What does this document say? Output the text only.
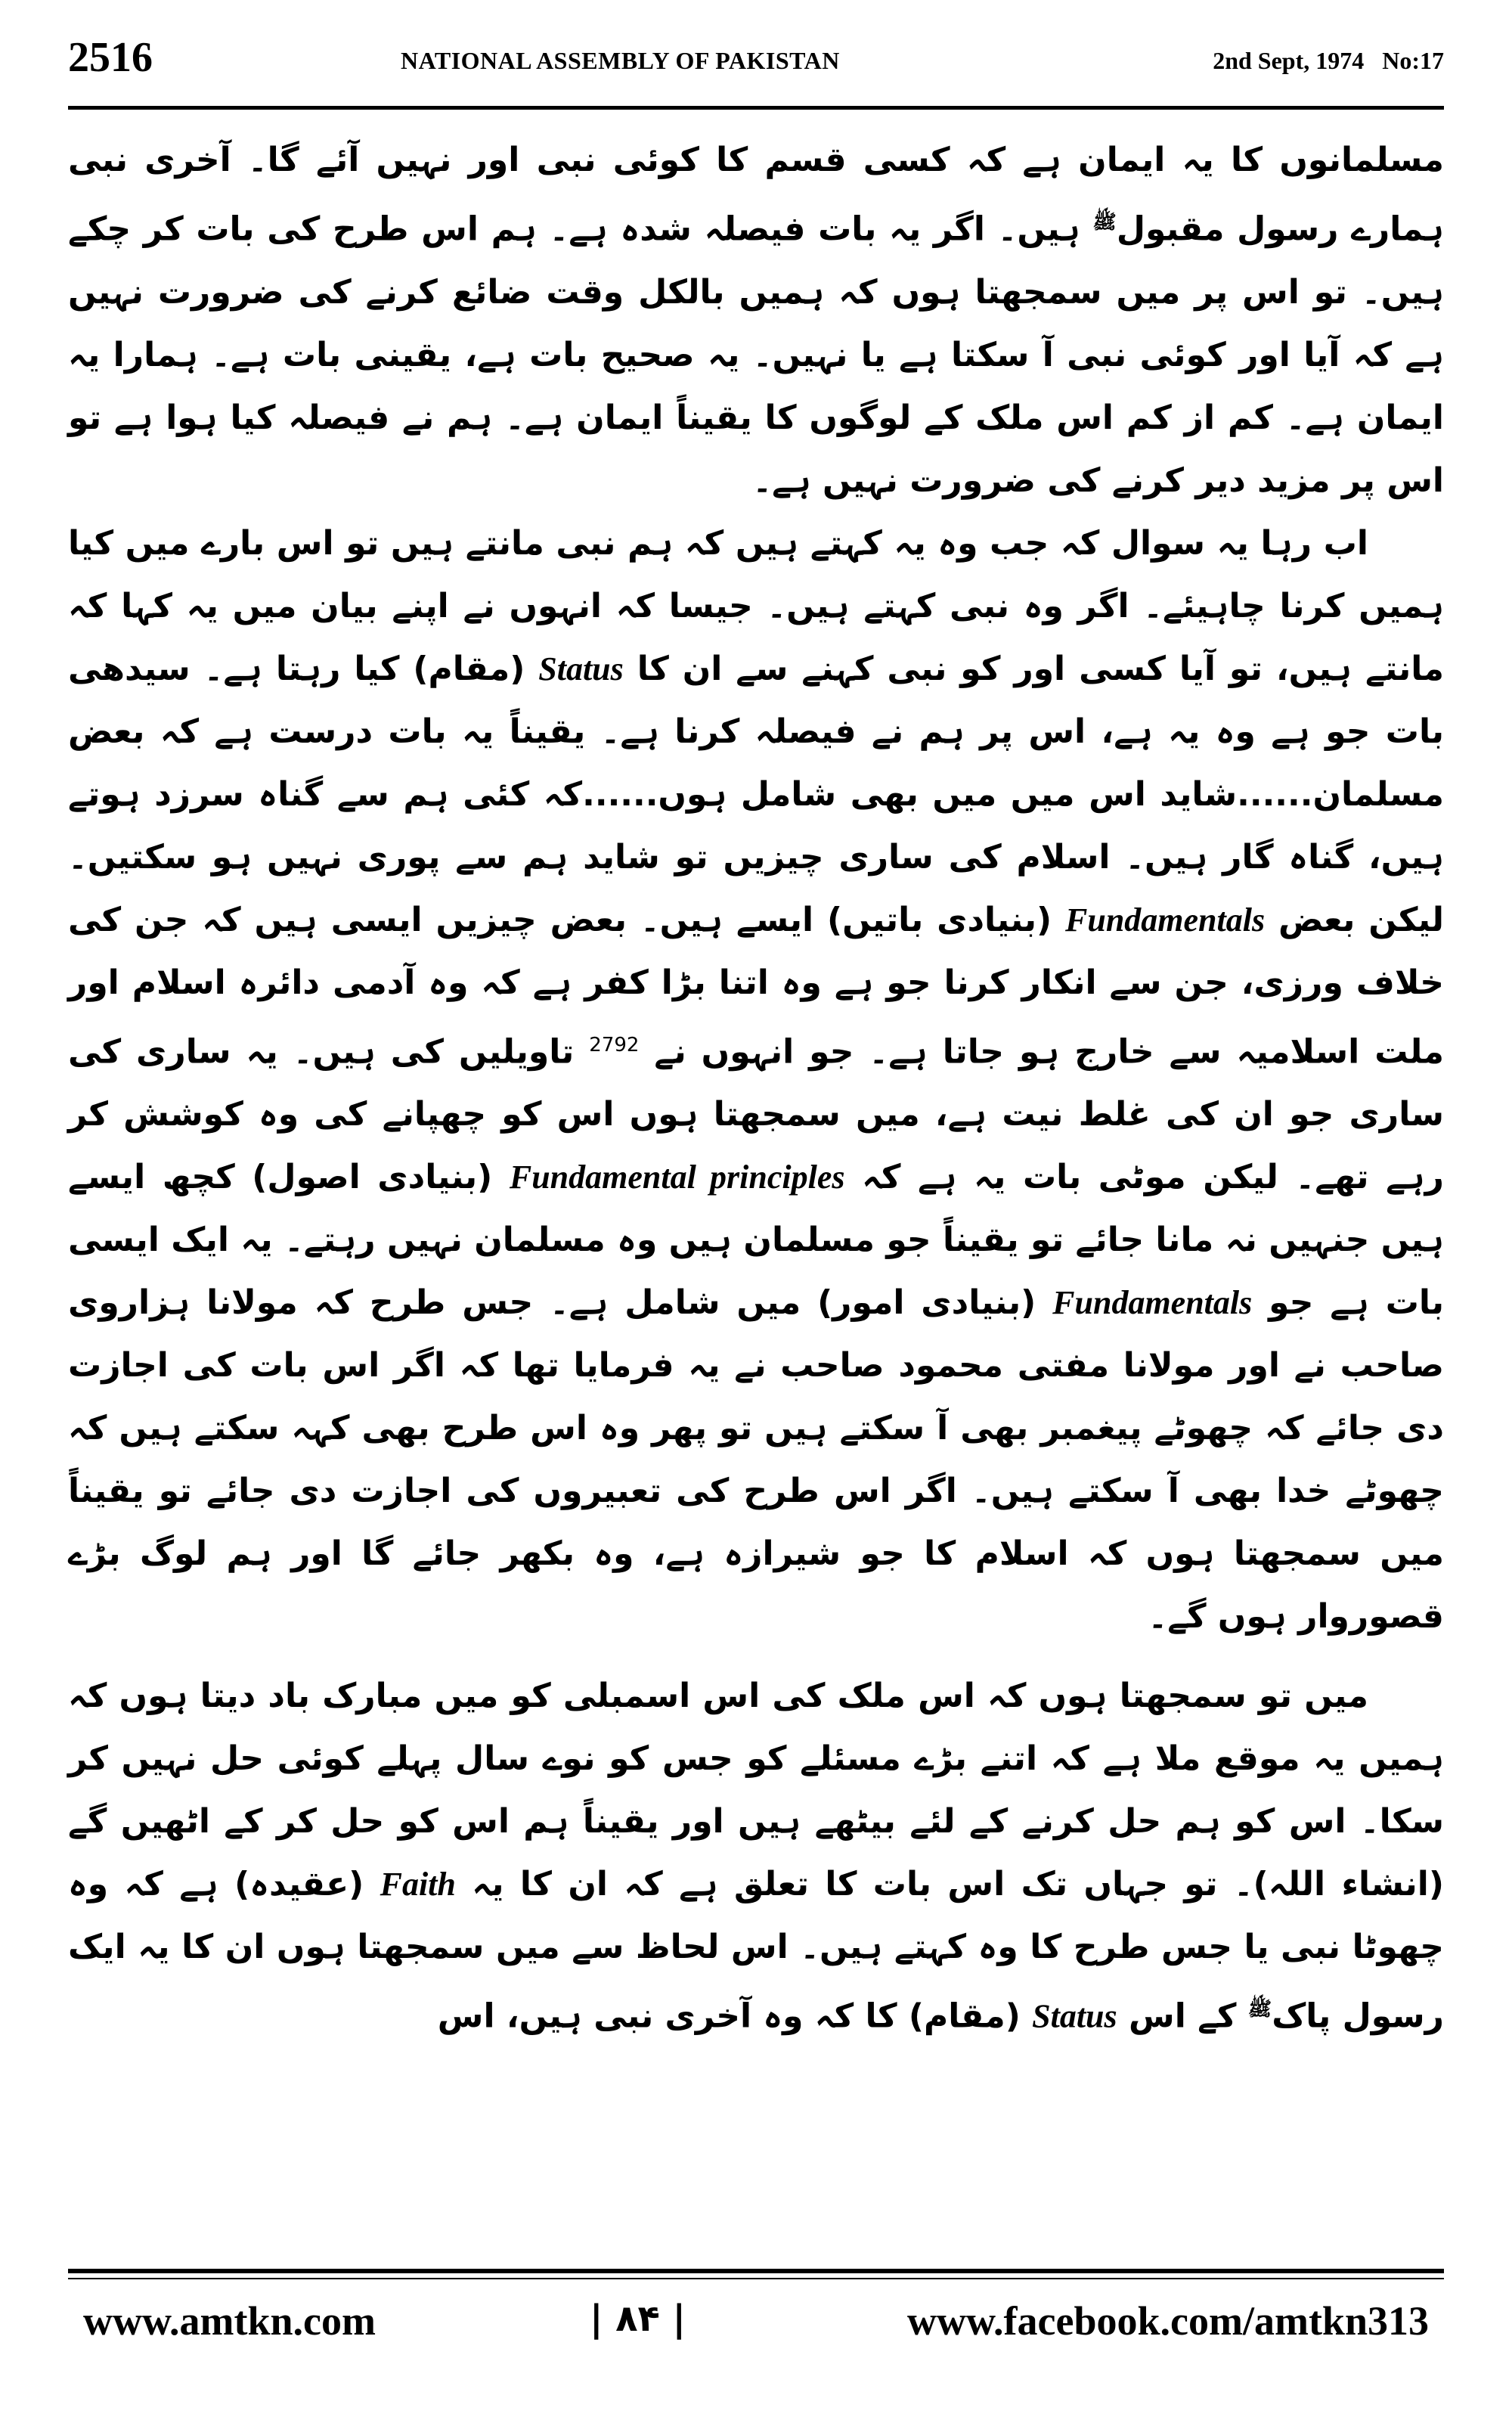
2516	NATIONAL ASSEMBLY OF PAKISTAN	2nd Sept, 1974   No:17

مسلمانوں کا یہ ایمان ہے کہ کسی قسم کا کوئی نبی اور نہیں آئے گا۔ آخری نبی ہمارے رسول مقبول$^ﷺ$ ہیں۔ اگر یہ بات فیصلہ شدہ ہے۔ ہم اس طرح کی بات کر چکے ہیں۔ تو اس پر میں سمجھتا ہوں کہ ہمیں بالکل وقت ضائع کرنے کی ضرورت نہیں ہے کہ آیا اور کوئی نبی آ سکتا ہے یا نہیں۔ یہ صحیح بات ہے، یقینی بات ہے۔ ہمارا یہ ایمان ہے۔ کم از کم اس ملک کے لوگوں کا یقیناً ایمان ہے۔ ہم نے فیصلہ کیا ہوا ہے تو اس پر مزید دیر کرنے کی ضرورت نہیں ہے۔

اب رہا یہ سوال کہ جب وہ یہ کہتے ہیں کہ ہم نبی مانتے ہیں تو اس بارے میں کیا ہمیں کرنا چاہیئے۔ اگر وہ نبی کہتے ہیں۔ جیسا کہ انہوں نے اپنے بیان میں یہ کہا کہ مانتے ہیں، تو آیا کسی اور کو نبی کہنے سے ان کا Status (مقام) کیا رہتا ہے۔ سیدھی بات جو ہے وہ یہ ہے، اس پر ہم نے فیصلہ کرنا ہے۔ یقیناً یہ بات درست ہے کہ بعض مسلمان......شاید اس میں میں بھی شامل ہوں......کہ کئی ہم سے گناہ سرزد ہوتے ہیں، گناہ گار ہیں۔ اسلام کی ساری چیزیں تو شاید ہم سے پوری نہیں ہو سکتیں۔ لیکن بعض Fundamentals (بنیادی باتیں) ایسے ہیں۔ بعض چیزیں ایسی ہیں کہ جن کی خلاف ورزی، جن سے انکار کرنا جو ہے وہ اتنا بڑا کفر ہے کہ وہ آدمی دائرہ اسلام اور ملت اسلامیہ سے خارج ہو جاتا ہے۔ جو انہوں نے $^{2792}$ تاویلیں کی ہیں۔ یہ ساری کی ساری جو ان کی غلط نیت ہے، میں سمجھتا ہوں اس کو چھپانے کی وہ کوشش کر رہے تھے۔ لیکن موٹی بات یہ ہے کہ Fundamental principles (بنیادی اصول) کچھ ایسے ہیں جنہیں نہ مانا جائے تو یقیناً جو مسلمان ہیں وہ مسلمان نہیں رہتے۔ یہ ایک ایسی بات ہے جو Fundamentals (بنیادی امور) میں شامل ہے۔ جس طرح کہ مولانا ہزاروی صاحب نے اور مولانا مفتی محمود صاحب نے یہ فرمایا تھا کہ اگر اس بات کی اجازت دی جائے کہ چھوٹے پیغمبر بھی آ سکتے ہیں تو پھر وہ اس طرح بھی کہہ سکتے ہیں کہ چھوٹے خدا بھی آ سکتے ہیں۔ اگر اس طرح کی تعبیروں کی اجازت دی جائے تو یقیناً میں سمجھتا ہوں کہ اسلام کا جو شیرازہ ہے، وہ بکھر جائے گا اور ہم لوگ بڑے قصوروار ہوں گے۔

میں تو سمجھتا ہوں کہ اس ملک کی اس اسمبلی کو میں مبارک باد دیتا ہوں کہ ہمیں یہ موقع ملا ہے کہ اتنے بڑے مسئلے کو جس کو نوے سال پہلے کوئی حل نہیں کر سکا۔ اس کو ہم حل کرنے کے لئے بیٹھے ہیں اور یقیناً ہم اس کو حل کر کے اٹھیں گے (انشاء اللہ)۔ تو جہاں تک اس بات کا تعلق ہے کہ ان کا یہ Faith (عقیدہ) ہے کہ وہ چھوٹا نبی یا جس طرح کا وہ کہتے ہیں۔ اس لحاظ سے میں سمجھتا ہوں ان کا یہ ایک رسول پاک$^ﷺ$ کے اس Status (مقام) کا کہ وہ آخری نبی ہیں، اس

www.amtkn.com	| ۸۴ |	www.facebook.com/amtkn313
